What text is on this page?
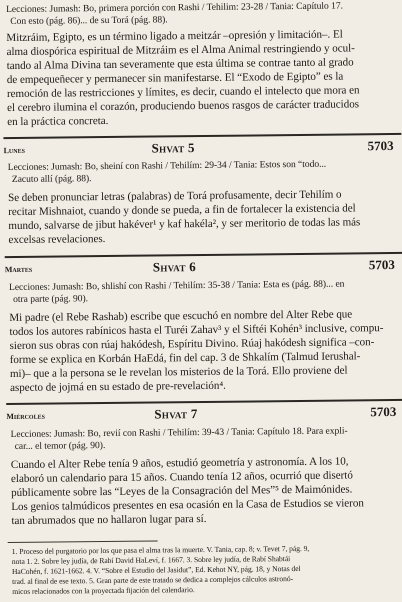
Lecciones: Jumash: Bo, primera porción con Rashi / Tehilim: 23-28 / Tania: Capítulo 17.
Con esto (pág. 86)... de su Torá (pág. 88).
Mitzráim, Egipto, es un término ligado a meitzár –opresión y limitación–. El
alma diospórica espiritual de Mitzráim es el Alma Animal restringiendo y ocul-
tando al Alma Divina tan severamente que esta última se contrae tanto al grado
de empequeñecer y permanecer sin manifestarse. El “Exodo de Egipto” es la
remoción de las restricciones y límites, es decir, cuando el intelecto que mora en
el cerebro ilumina el corazón, produciendo buenos rasgos de carácter traducidos
en la práctica concreta.
Lunes	Shvat 5	5703
Lecciones: Jumash: Bo, sheiní con Rashi / Tehilím: 29-34 / Tania: Estos son “todo...
Zacuto allí (pág. 88).
Se deben pronunciar letras (palabras) de Torá profusamente, decir Tehilím o
recitar Mishnaiot, cuando y donde se pueda, a fin de fortalecer la existencia del
mundo, salvarse de jibut hakéver¹ y kaf hakéla², y ser meritorio de todas las más
excelsas revelaciones.
Martes	Shvat 6	5703
Lecciones: Jumash: Bo, shlishí con Rashi / Tehilím: 35-38 / Tania: Esta es (pág. 88)... en
otra parte (pág. 90).
Mi padre (el Rebe Rashab) escribe que escuchó en nombre del Alter Rebe que
todos los autores rabínicos hasta el Turéi Zahav³ y el Siftéi Kohén³ inclusive, compu-
sieron sus obras con rúaj hakódesh, Espíritu Divino. Rúaj hakódesh significa –con-
forme se explica en Korbán HaEdá, fin del cap. 3 de Shkalím (Talmud Ierushal-
mi)– que a la persona se le revelan los misterios de la Torá. Ello proviene del
aspecto de jojmá en su estado de pre-revelación⁴.
Miércoles	Shvat 7	5703
Lecciones: Jumash: Bo, revií con Rashi / Tehilím: 39-43 / Tania: Capítulo 18. Para expli-
car... el temor (pág. 90).
Cuando el Alter Rebe tenía 9 años, estudió geometría y astronomía. A los 10,
elaboró un calendario para 15 años. Cuando tenía 12 años, ocurrió que disertó
públicamente sobre las “Leyes de la Consagración del Mes”⁵ de Maimónides.
Los genios talmúdicos presentes en esa ocasión en la Casa de Estudios se vieron
tan abrumados que no hallaron lugar para sí.
1. Proceso del purgatorio por los que pasa el alma tras la muerte. V. Tania, cap. 8; v. Tevet 7, pág. 9,
nota 1. 2. Sobre ley judía, de Rabí David HaLeví, f. 1667. 3. Sobre ley judía, de Rabí Shabtái
HaCohén, f. 1621-1662. 4. V. “Sobre el Estudio del Jasidut”, Ed. Kehot NY, pág. 18, y Notas del
trad. al final de ese texto. 5. Gran parte de este tratado se dedica a complejos cálculos astronó-
micos relacionados con la proyectada fijación del calendario.
